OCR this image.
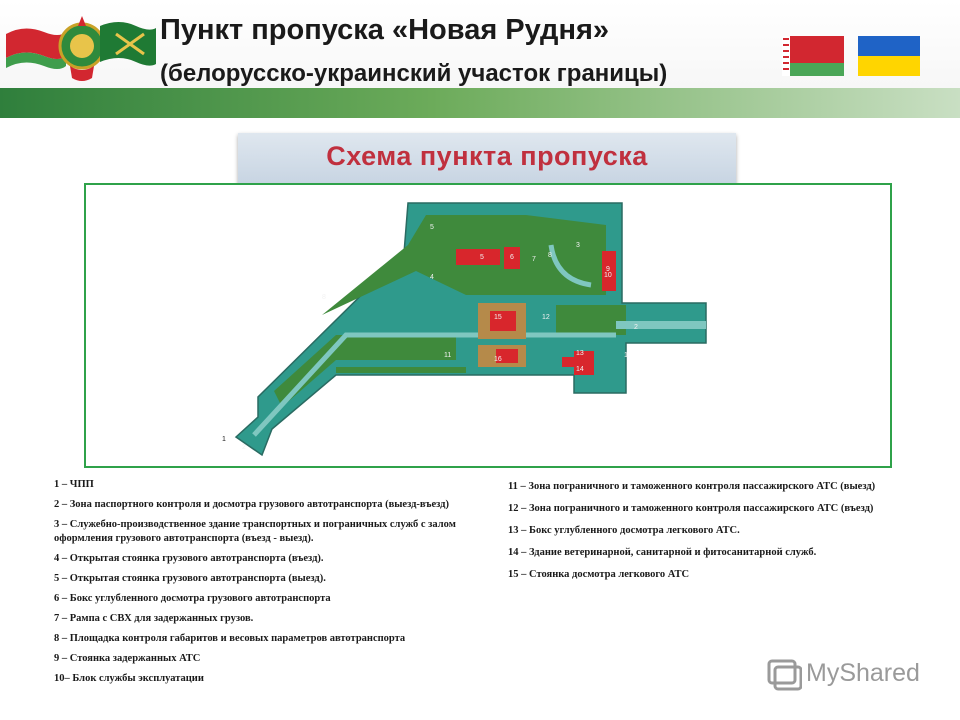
Пункт пропуска «Новая Рудня»
(белорусско-украинский участок границы)
Схема пункта пропуска
1
2
3
4
5
5	6	7
8
8
9
10
11
12
13
14
15
16
2
1
1 – ЧПП
2 – Зона паспортного контроля и досмотра грузового автотранспорта (выезд-въезд)
3 – Служебно-производственное здание транспортных и пограничных служб с залом оформления грузового автотранспорта (въезд - выезд).
4 – Открытая стоянка грузового автотранспорта (въезд).
5 – Открытая стоянка грузового автотранспорта (выезд).
6 – Бокс углубленного досмотра грузового автотранспорта
7 – Рампа с СВХ для задержанных грузов.
8 – Площадка контроля габаритов и весовых параметров автотранспорта
9 – Стоянка задержанных АТС
10– Блок службы эксплуатации
11 – Зона пограничного и таможенного контроля пассажирского АТС (выезд)
12 – Зона пограничного и таможенного контроля пассажирского АТС (въезд)
13 – Бокс углубленного досмотра легкового АТС.
14 – Здание ветеринарной, санитарной и фитосанитарной служб.
15 – Стоянка досмотра легкового АТС
MyShared
